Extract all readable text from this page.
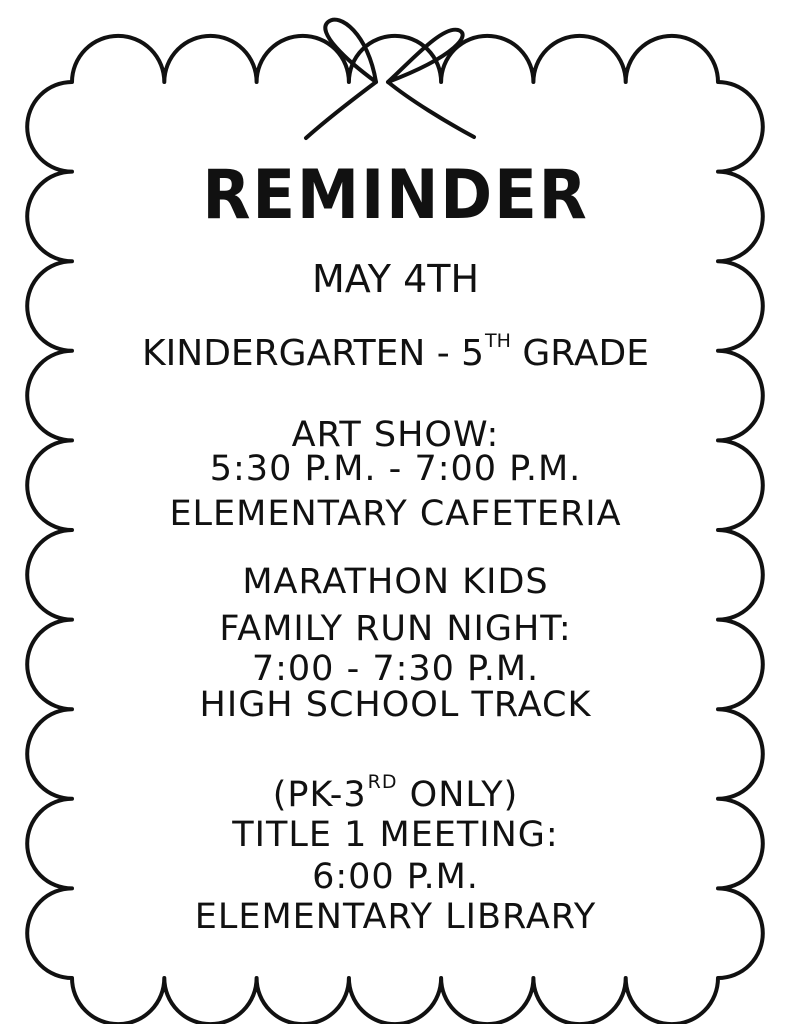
REMINDER
MAY 4TH
KINDERGARTEN - 5TH GRADE
ART SHOW:
5:30 P.M. - 7:00 P.M.
ELEMENTARY CAFETERIA
MARATHON KIDS
FAMILY RUN NIGHT:
7:00 - 7:30 P.M.
HIGH SCHOOL TRACK
(PK-3RD ONLY)
TITLE 1 MEETING:
6:00 P.M.
ELEMENTARY LIBRARY
